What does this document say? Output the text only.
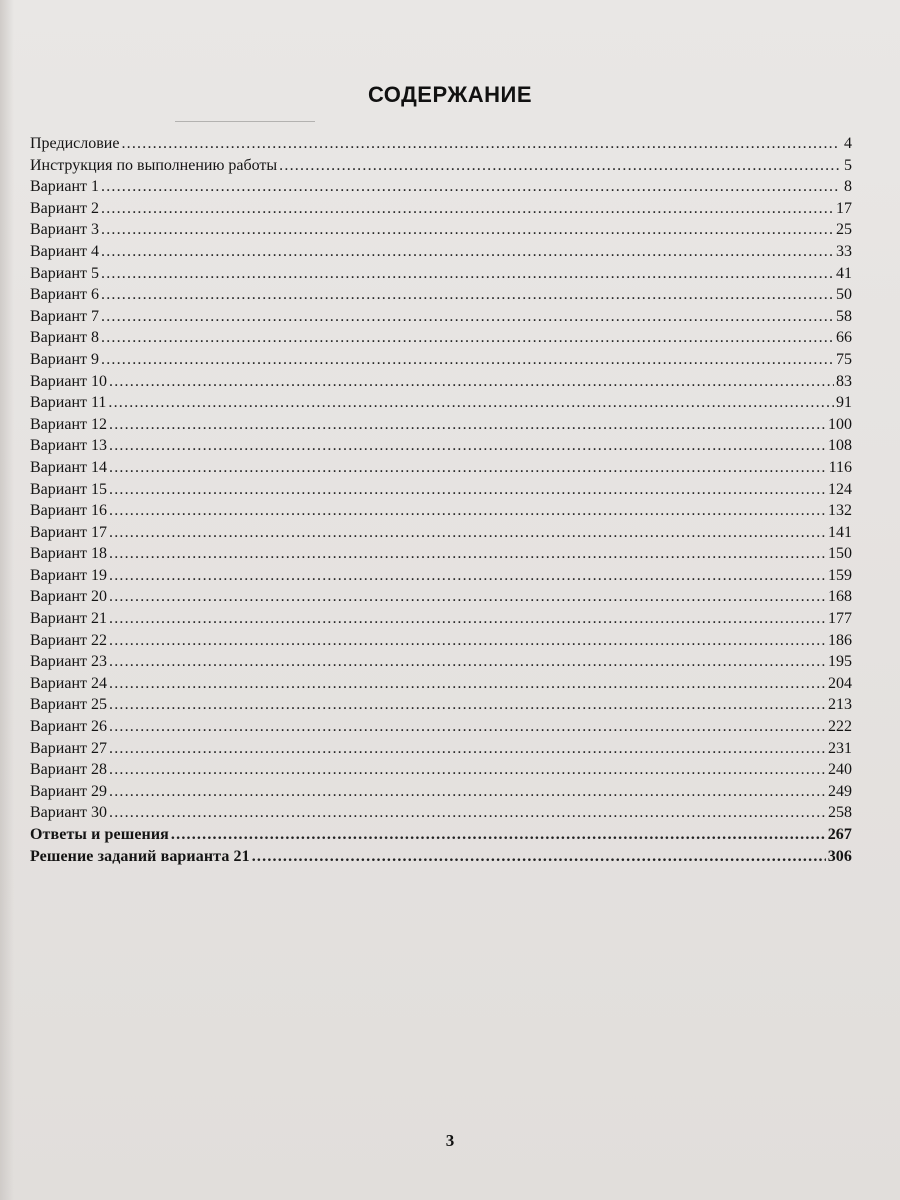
СОДЕРЖАНИЕ
Предисловие .....	4
Инструкция по выполнению работы .....	5
Вариант 1 .....	8
Вариант 2 .....	17
Вариант 3 .....	25
Вариант 4 .....	33
Вариант 5 .....	41
Вариант 6 .....	50
Вариант 7 .....	58
Вариант 8 .....	66
Вариант 9 .....	75
Вариант 10 .....	83
Вариант 11 .....	91
Вариант 12 .....	100
Вариант 13 .....	108
Вариант 14 .....	116
Вариант 15 .....	124
Вариант 16 .....	132
Вариант 17 .....	141
Вариант 18 .....	150
Вариант 19 .....	159
Вариант 20 .....	168
Вариант 21 .....	177
Вариант 22 .....	186
Вариант 23 .....	195
Вариант 24 .....	204
Вариант 25 .....	213
Вариант 26 .....	222
Вариант 27 .....	231
Вариант 28 .....	240
Вариант 29 .....	249
Вариант 30 .....	258
Ответы и решения .....	267
Решение заданий варианта 21 .....	306
3
